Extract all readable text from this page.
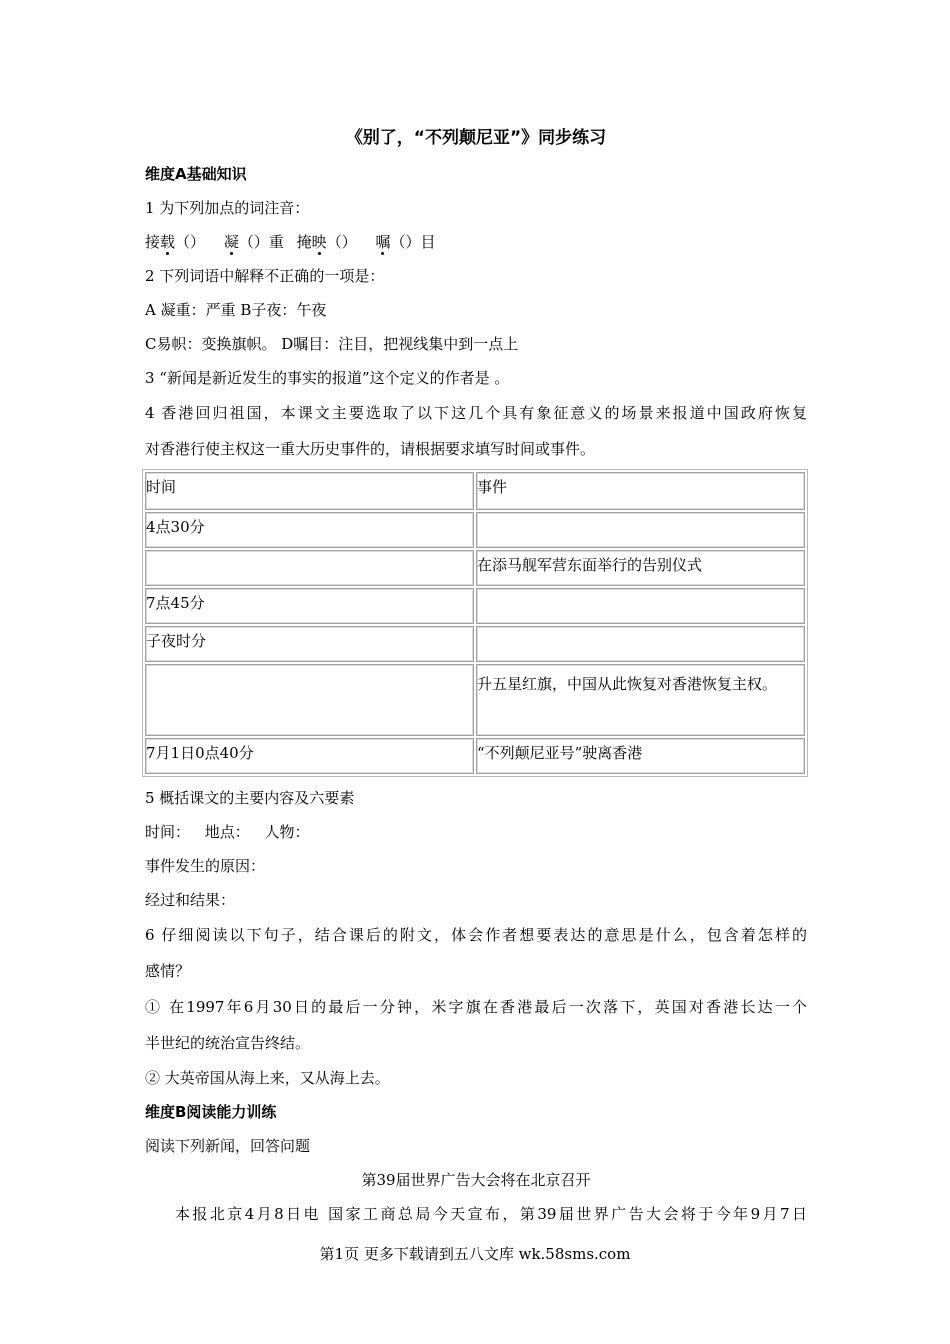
《别了，“不列颠尼亚”》同步练习
维度A基础知识
1 为下列加点的词注音：
接载（） 凝（）重 掩映（） 嘱（）目
2 下列词语中解释不正确的一项是：
A 凝重：严重 B子夜：午夜
C易帜：变换旗帜。 D嘱目：注目，把视线集中到一点上
3 “新闻是新近发生的事实的报道”这个定义的作者是 。
4 香港回归祖国，本课文主要选取了以下这几个具有象征意义的场景来报道中国政府恢复
对香港行使主权这一重大历史事件的，请根据要求填写时间或事件。
时间	事件
4点30分	
	在添马舰军营东面举行的告别仪式
7点45分	
子夜时分	
	升五星红旗，中国从此恢复对香港恢复主权。
7月1日0点40分	“不列颠尼亚号”驶离香港
5 概括课文的主要内容及六要素
时间： 地点： 人物：
事件发生的原因：
经过和结果：
6 仔细阅读以下句子，结合课后的附文，体会作者想要表达的意思是什么，包含着怎样的
感情？
① 在1997年6月30日的最后一分钟，米字旗在香港最后一次落下，英国对香港长达一个
半世纪的统治宣告终结。
② 大英帝国从海上来，又从海上去。
维度B阅读能力训练
阅读下列新闻，回答问题
第39届世界广告大会将在北京召开
本报北京4月8日电 国家工商总局今天宣布，第39届世界广告大会将于今年9月7日
第1页 更多下载请到五八文库 wk.58sms.com
